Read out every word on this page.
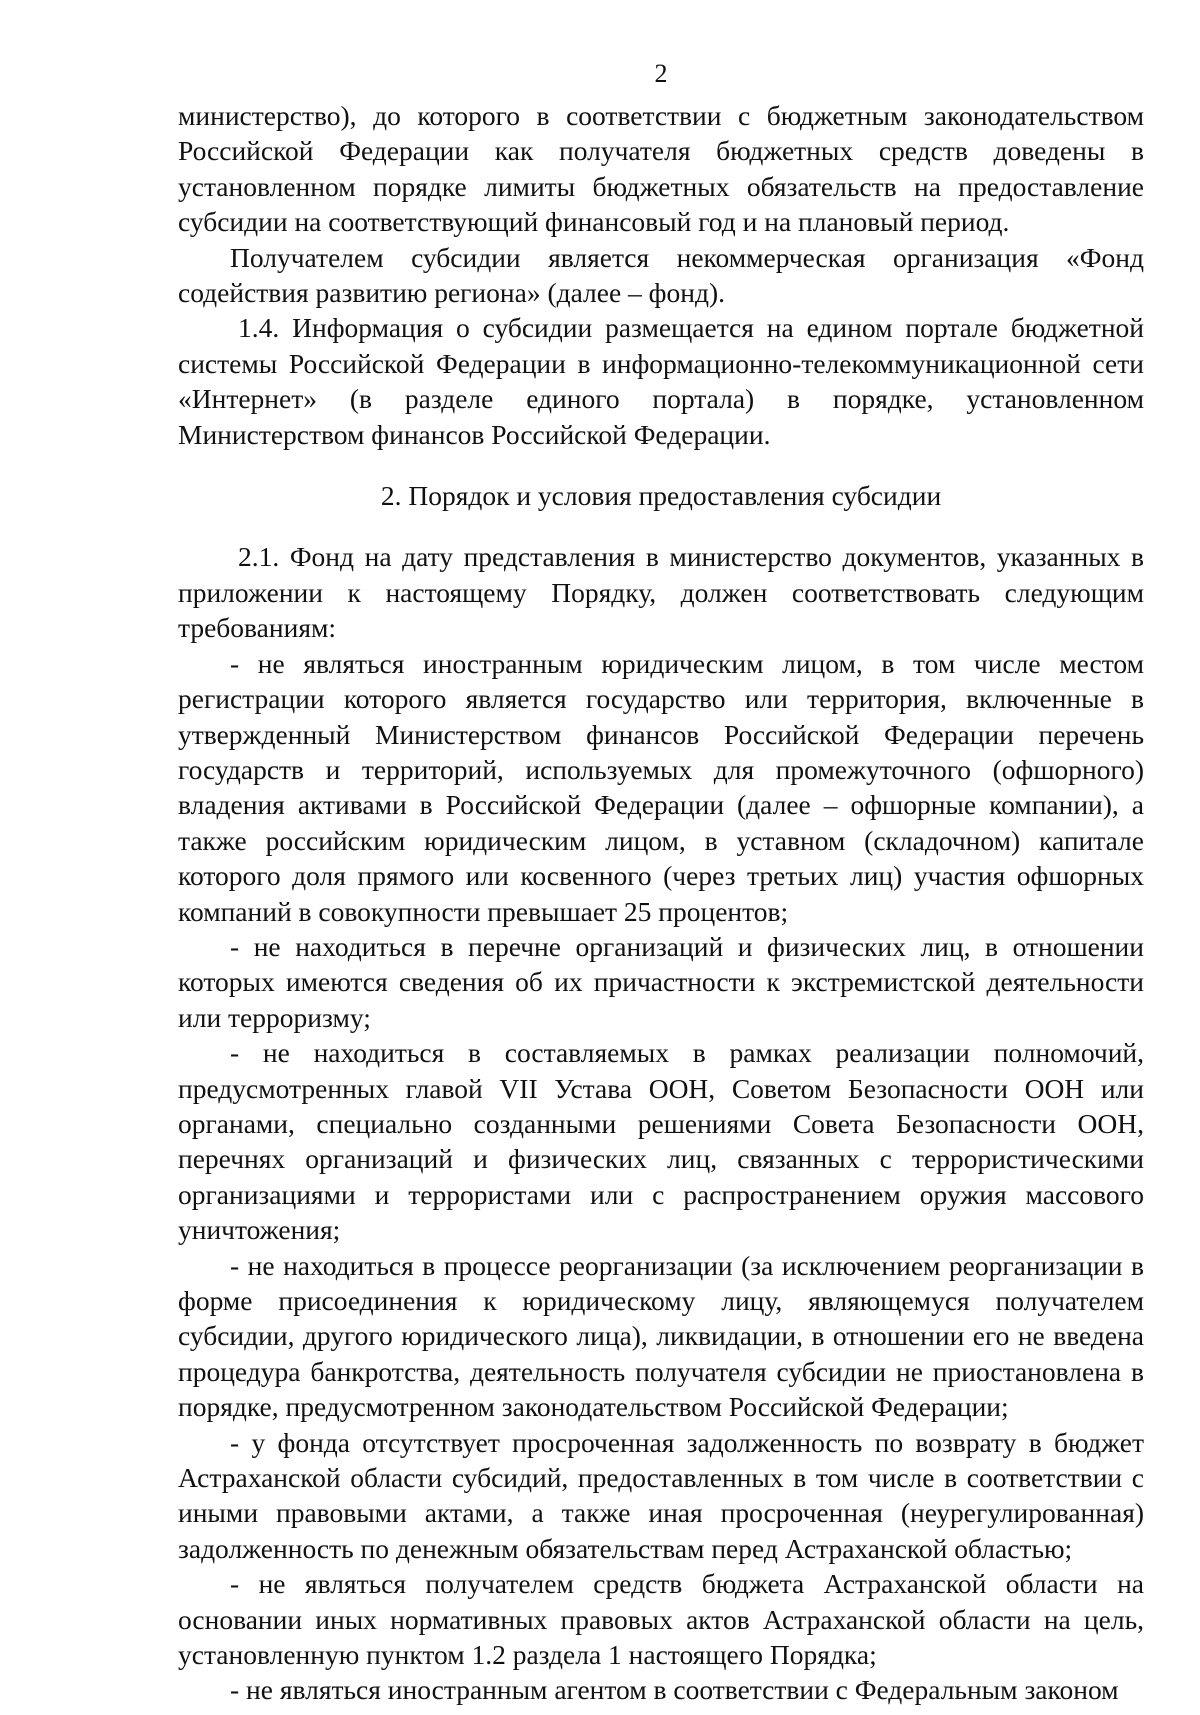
2

министерство), до которого в соответствии с бюджетным законодательством Российской Федерации как получателя бюджетных средств доведены в установленном порядке лимиты бюджетных обязательств на предоставление субсидии на соответствующий финансовый год и на плановый период.

Получателем субсидии является некоммерческая организация «Фонд содействия развитию региона» (далее – фонд).

1.4. Информация о субсидии размещается на едином портале бюджетной системы Российской Федерации в информационно-телекоммуникационной сети «Интернет» (в разделе единого портала) в порядке, установленном Министерством финансов Российской Федерации.

2. Порядок и условия предоставления субсидии

2.1. Фонд на дату представления в министерство документов, указанных в приложении к настоящему Порядку, должен соответствовать следующим требованиям:

- не являться иностранным юридическим лицом, в том числе местом регистрации которого является государство или территория, включенные в утвержденный Министерством финансов Российской Федерации перечень государств и территорий, используемых для промежуточного (офшорного) владения активами в Российской Федерации (далее – офшорные компании), а также российским юридическим лицом, в уставном (складочном) капитале которого доля прямого или косвенного (через третьих лиц) участия офшорных компаний в совокупности превышает 25 процентов;

- не находиться в перечне организаций и физических лиц, в отношении которых имеются сведения об их причастности к экстремистской деятельности или терроризму;

- не находиться в составляемых в рамках реализации полномочий, предусмотренных главой VII Устава ООН, Советом Безопасности ООН или органами, специально созданными решениями Совета Безопасности ООН, перечнях организаций и физических лиц, связанных с террористическими организациями и террористами или с распространением оружия массового уничтожения;

- не находиться в процессе реорганизации (за исключением реорганизации в форме присоединения к юридическому лицу, являющемуся получателем субсидии, другого юридического лица), ликвидации, в отношении его не введена процедура банкротства, деятельность получателя субсидии не приостановлена в порядке, предусмотренном законодательством Российской Федерации;

- у фонда отсутствует просроченная задолженность по возврату в бюджет Астраханской области субсидий, предоставленных в том числе в соответствии с иными правовыми актами, а также иная просроченная (неурегулированная) задолженность по денежным обязательствам перед Астраханской областью;

- не являться получателем средств бюджета Астраханской области на основании иных нормативных правовых актов Астраханской области на цель, установленную пунктом 1.2 раздела 1 настоящего Порядка;

- не являться иностранным агентом в соответствии с Федеральным законом
